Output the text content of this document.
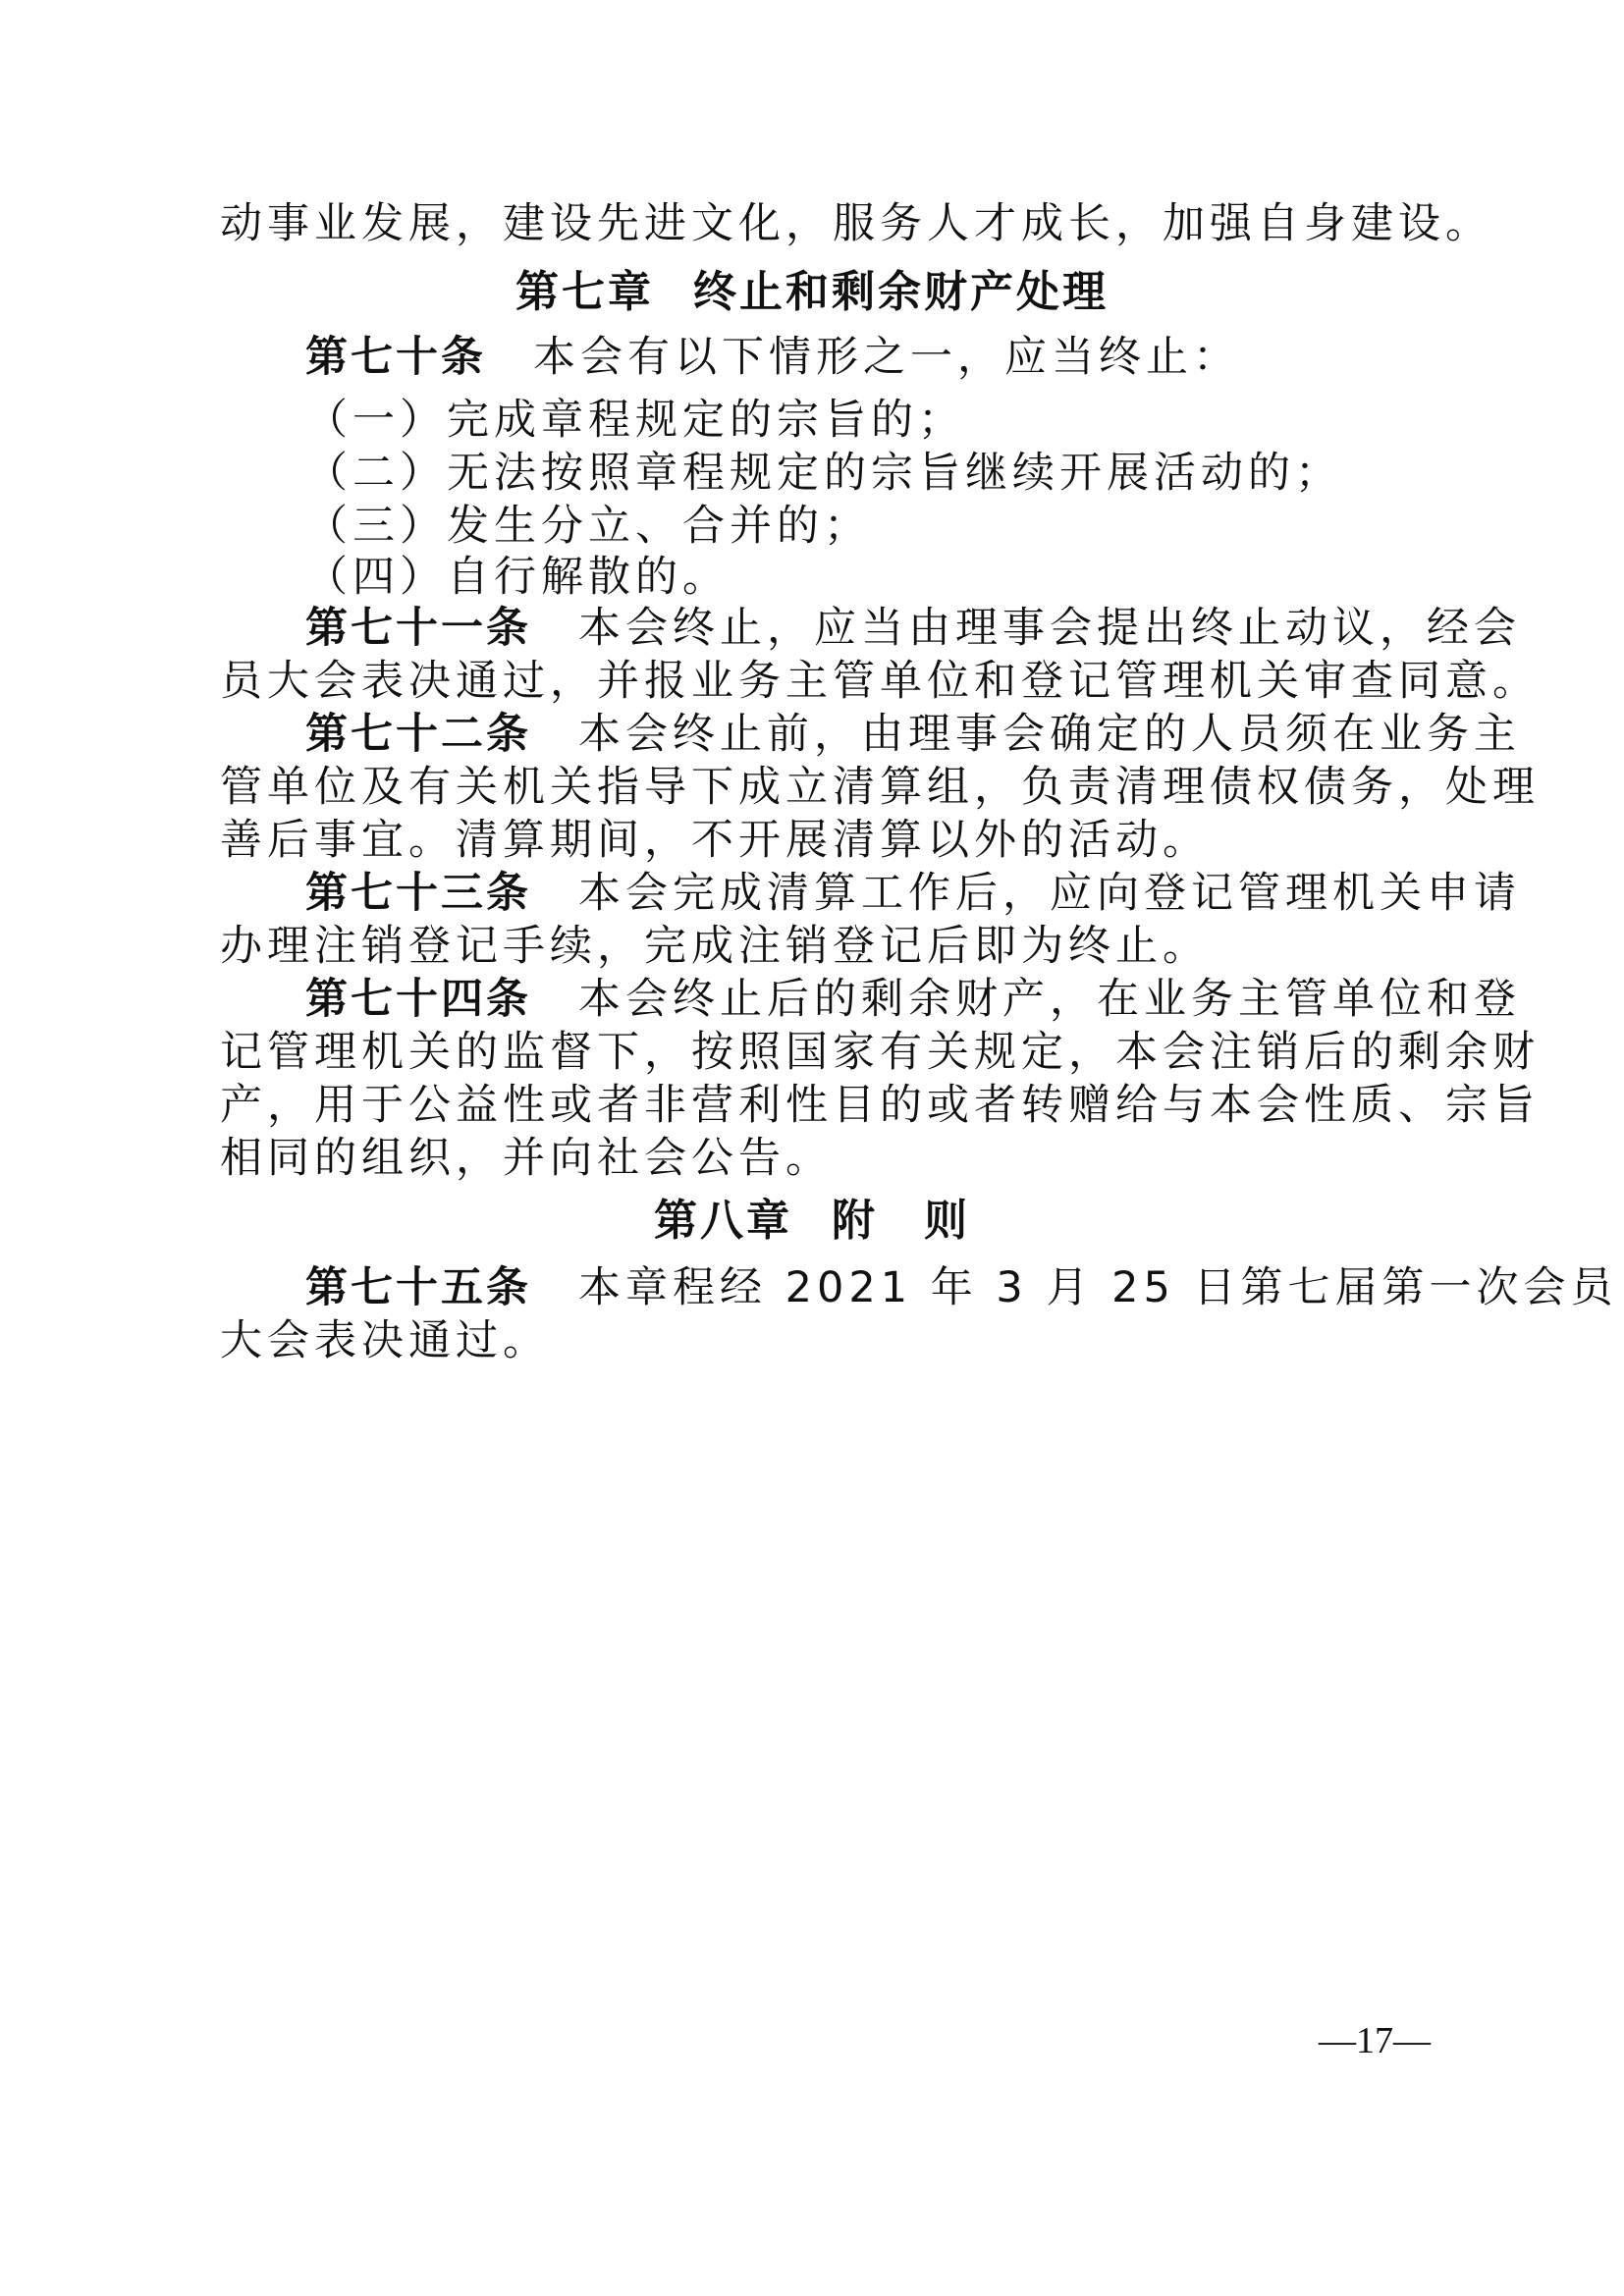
动事业发展，建设先进文化，服务人才成长，加强自身建设。
第七章 终止和剩余财产处理
第七十条 本会有以下情形之一，应当终止：
（一）完成章程规定的宗旨的；
（二）无法按照章程规定的宗旨继续开展活动的；
（三）发生分立、合并的；
（四）自行解散的。
第七十一条 本会终止，应当由理事会提出终止动议，经会
员大会表决通过，并报业务主管单位和登记管理机关审查同意。
第七十二条 本会终止前，由理事会确定的人员须在业务主
管单位及有关机关指导下成立清算组，负责清理债权债务，处理
善后事宜。清算期间，不开展清算以外的活动。
第七十三条 本会完成清算工作后，应向登记管理机关申请
办理注销登记手续，完成注销登记后即为终止。
第七十四条 本会终止后的剩余财产，在业务主管单位和登
记管理机关的监督下，按照国家有关规定，本会注销后的剩余财
产，用于公益性或者非营利性目的或者转赠给与本会性质、宗旨
相同的组织，并向社会公告。
第八章 附　则
第七十五条 本章程经 2021 年 3 月 25 日第七届第一次会员
大会表决通过。
—17—
